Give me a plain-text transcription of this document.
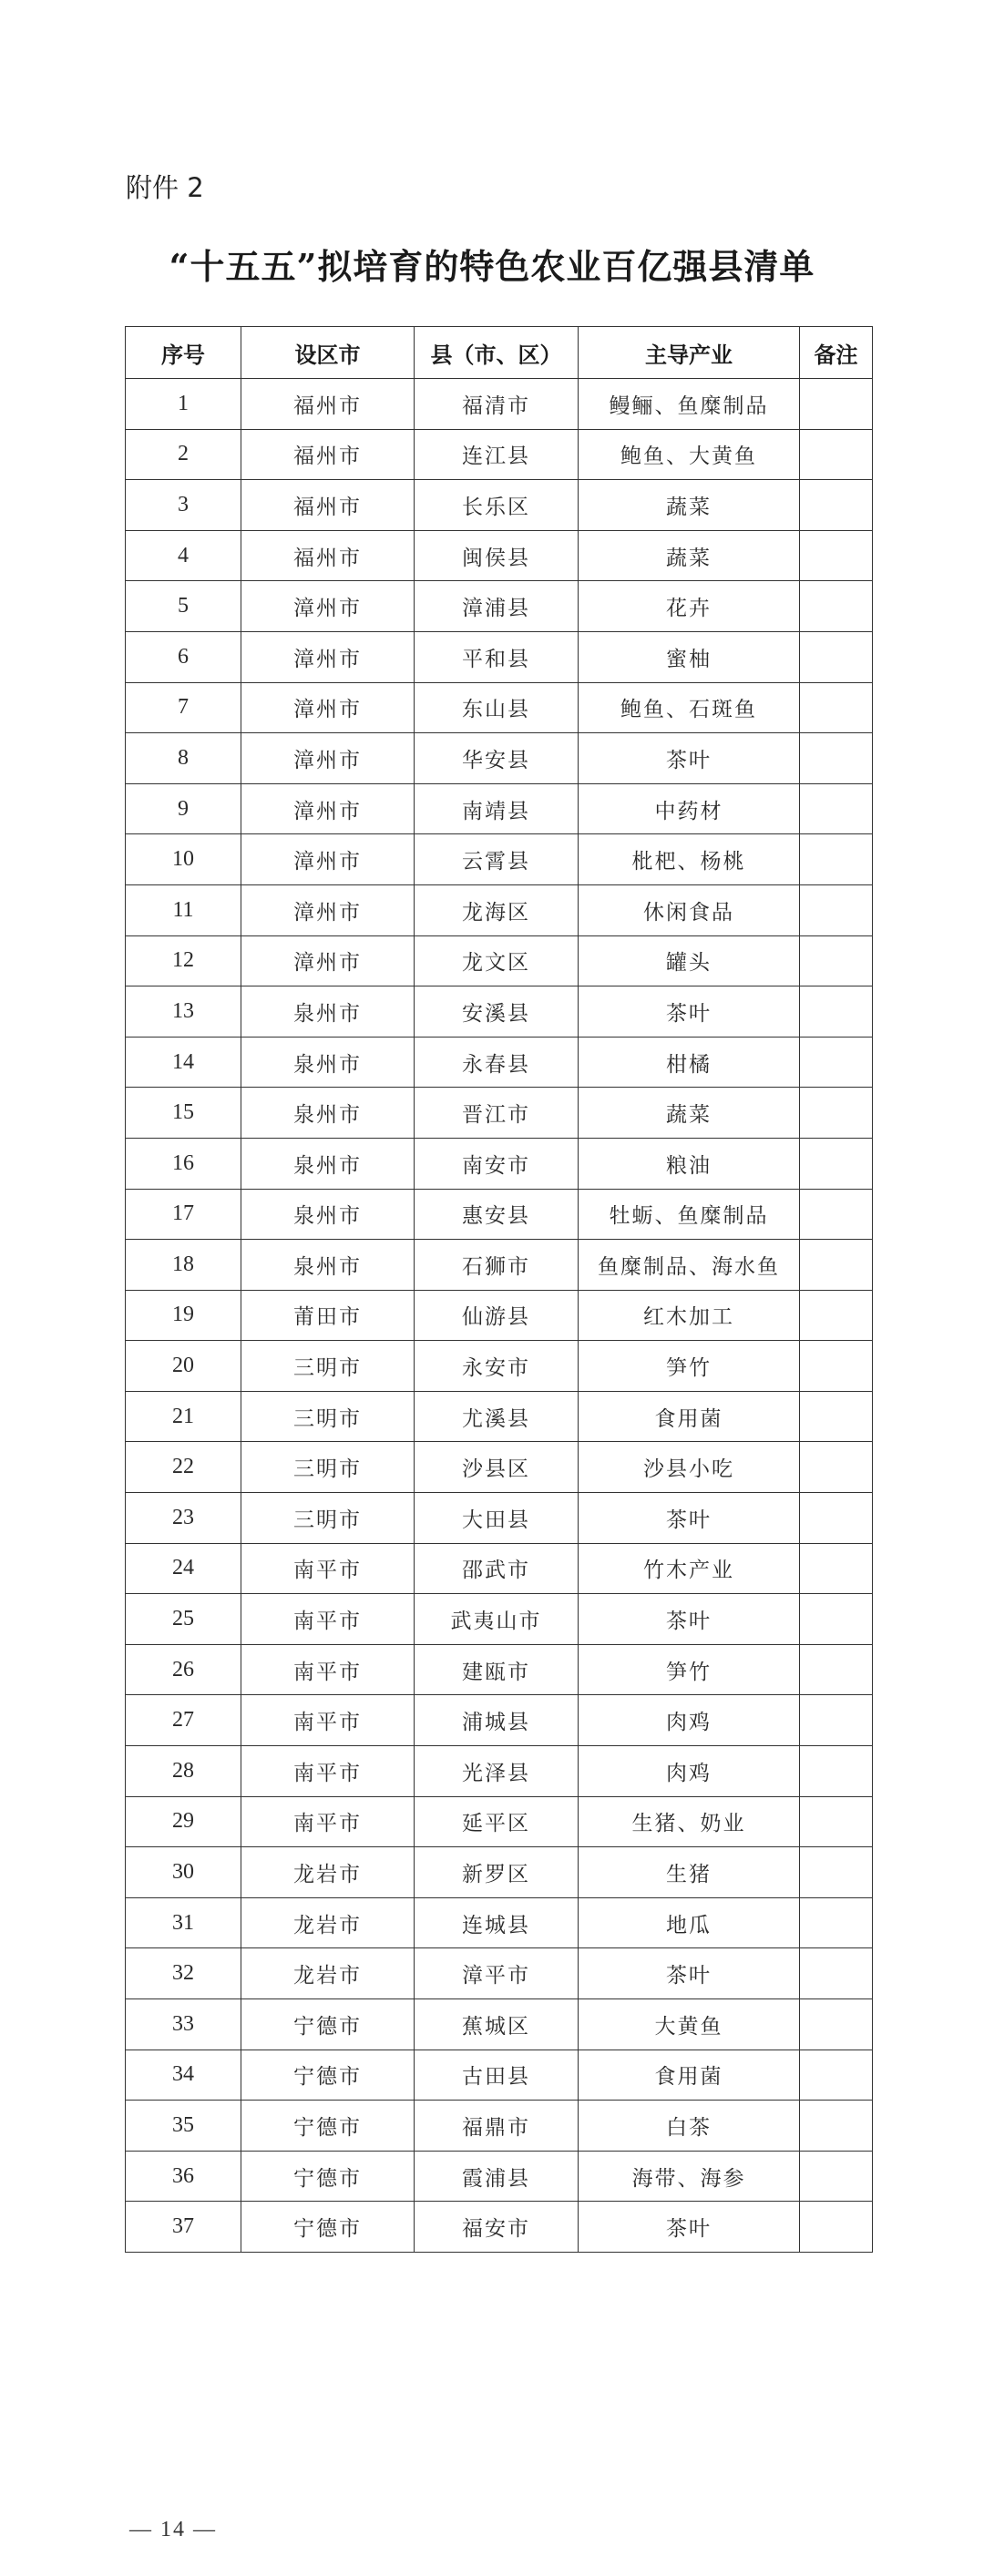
附件 2
“十五五”拟培育的特色农业百亿强县清单
序号	设区市	县（市、区）	主导产业	备注
1	福州市	福清市	鳗鲡、鱼糜制品	
2	福州市	连江县	鲍鱼、大黄鱼	
3	福州市	长乐区	蔬菜	
4	福州市	闽侯县	蔬菜	
5	漳州市	漳浦县	花卉	
6	漳州市	平和县	蜜柚	
7	漳州市	东山县	鲍鱼、石斑鱼	
8	漳州市	华安县	茶叶	
9	漳州市	南靖县	中药材	
10	漳州市	云霄县	枇杷、杨桃	
11	漳州市	龙海区	休闲食品	
12	漳州市	龙文区	罐头	
13	泉州市	安溪县	茶叶	
14	泉州市	永春县	柑橘	
15	泉州市	晋江市	蔬菜	
16	泉州市	南安市	粮油	
17	泉州市	惠安县	牡蛎、鱼糜制品	
18	泉州市	石狮市	鱼糜制品、海水鱼	
19	莆田市	仙游县	红木加工	
20	三明市	永安市	笋竹	
21	三明市	尤溪县	食用菌	
22	三明市	沙县区	沙县小吃	
23	三明市	大田县	茶叶	
24	南平市	邵武市	竹木产业	
25	南平市	武夷山市	茶叶	
26	南平市	建瓯市	笋竹	
27	南平市	浦城县	肉鸡	
28	南平市	光泽县	肉鸡	
29	南平市	延平区	生猪、奶业	
30	龙岩市	新罗区	生猪	
31	龙岩市	连城县	地瓜	
32	龙岩市	漳平市	茶叶	
33	宁德市	蕉城区	大黄鱼	
34	宁德市	古田县	食用菌	
35	宁德市	福鼎市	白茶	
36	宁德市	霞浦县	海带、海参	
37	宁德市	福安市	茶叶	
— 14 —
